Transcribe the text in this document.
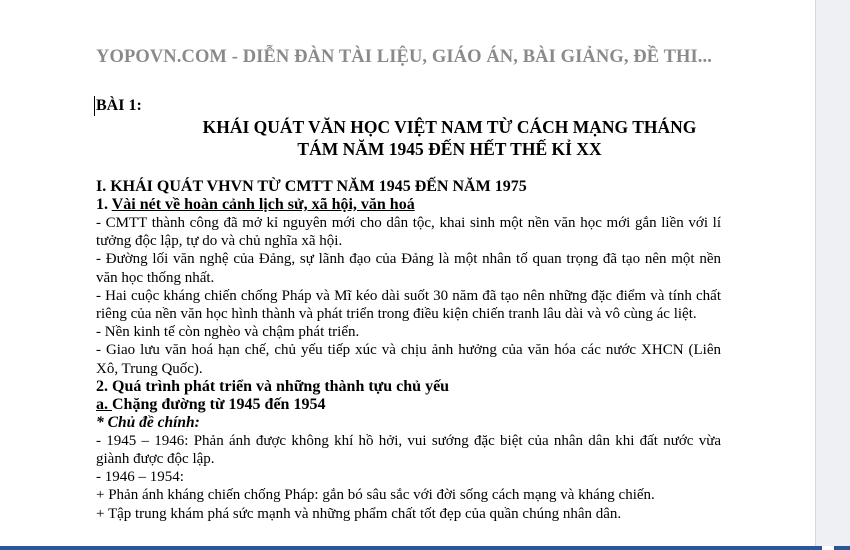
YOPOVN.COM - DIỄN ĐÀN TÀI LIỆU, GIÁO ÁN, BÀI GIẢNG, ĐỀ THI...

BÀI 1:
KHÁI QUÁT VĂN HỌC VIỆT NAM TỪ CÁCH MẠNG THÁNG
TÁM NĂM 1945 ĐẾN HẾT THẾ KỈ XX
I. KHÁI QUÁT VHVN TỪ CMTT NĂM 1945 ĐẾN NĂM 1975
1. Vài nét về hoàn cảnh lịch sử, xã hội, văn hoá

- CMTT thành công đã mở kỉ nguyên mới cho dân tộc, khai sinh một nền văn học mới gắn liền với lí tưởng độc lập, tự do và chủ nghĩa xã hội.

- Đường lối văn nghệ của Đảng, sự lãnh đạo của Đảng là một nhân tố quan trọng đã tạo nên một nền văn học thống nhất.

- Hai cuộc kháng chiến chống Pháp và Mĩ kéo dài suốt 30 năm đã tạo nên những đặc điểm và tính chất riêng của nền văn học hình thành và phát triển trong điều kiện chiến tranh lâu dài và vô cùng ác liệt.

- Nền kinh tế còn nghèo và chậm phát triển.

- Giao lưu văn hoá hạn chế, chủ yếu tiếp xúc và chịu ảnh hưởng của văn hóa các nước XHCN (Liên Xô, Trung Quốc).

2. Quá trình phát triển và những thành tựu chủ yếu
a. Chặng đường từ 1945 đến 1954
* Chủ đề chính:

- 1945 – 1946: Phản ánh được không khí hồ hởi, vui sướng đặc biệt của nhân dân khi đất nước vừa giành được độc lập.

- 1946 – 1954:

+ Phản ánh kháng chiến chống Pháp: gắn bó sâu sắc với đời sống cách mạng và kháng chiến.

+ Tập trung khám phá sức mạnh và những phẩm chất tốt đẹp của quần chúng nhân dân.
